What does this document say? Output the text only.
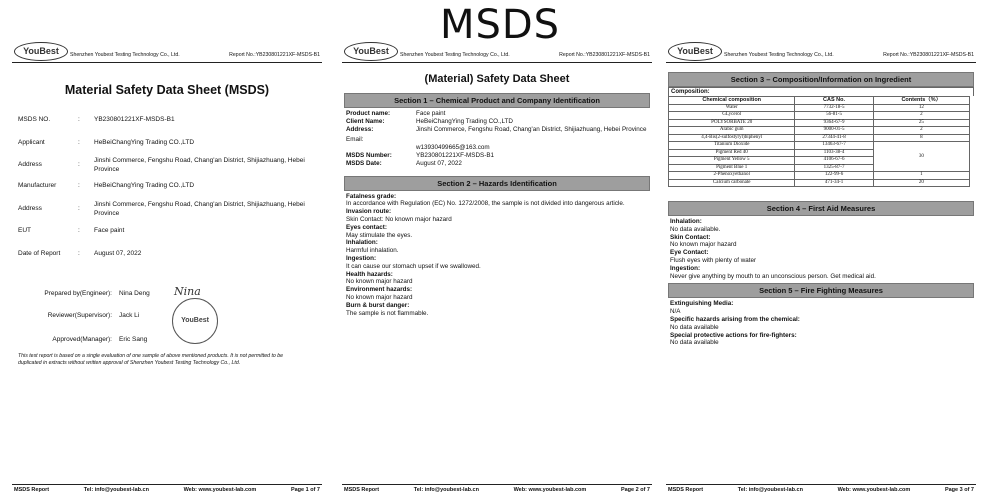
MSDS
YouBest	Shenzhen Youbest Testing Technology Co., Ltd.	Report No.:YB230801221XF-MSDS-B1
Material Safety Data Sheet (MSDS)
MSDS NO.	: YB230801221XF-MSDS-B1
Applicant	: HeBeiChangYing Trading CO.,LTD
Address	:
Jinshi Commerce, Fengshu Road, Chang'an District, Shijiazhuang, Hebei Province
Manufacturer	: HeBeiChangYing Trading CO.,LTD
Address	:
Jinshi Commerce, Fengshu Road, Chang'an District, Shijiazhuang, Hebei Province
EUT	: Face paint
Date of Report	: August 07, 2022
Prepared by(Engineer): Nina Deng
Reviewer(Supervisor): Jack Li
Approved(Manager): Eric Sang
Nina
YouBest
This test report is based on a single evaluation of one sample of above mentioned products. It is not permitted to be duplicated in extracts without written approval of Shenzhen Youbest Testing Technology Co., Ltd.
MSDS Report	Tel: info@youbest-lab.cn	Web: www.youbest-lab.com	Page 1 of 7
YouBest	Shenzhen Youbest Testing Technology Co., Ltd.	Report No.:YB230801221XF-MSDS-B1
(Material) Safety Data Sheet
Section 1 – Chemical Product and Company Identification
Product name:	Face paint
Client Name:	HeBeiChangYing Trading CO.,LTD
Address:	Jinshi Commerce, Fengshu Road, Chang'an District, Shijiazhuang, Hebei Province
Email:
w13930499665@163.com
MSDS Number:	YB230801221XF-MSDS-B1
MSDS Date:	August 07, 2022
Section 2 – Hazards Identification
Fatalness grade:
In accordance with Regulation (EC) No. 1272/2008, the sample is not divided into dangerous article.
Invasion route:
Skin Contact: No known major hazard
Eyes contact:
May stimulate the eyes.
Inhalation:
Harmful inhalation.
Ingestion:
It can cause our stomach upset if we swallowed.
Health hazards:
No known major hazard
Environment hazards:
No known major hazard
Burn & burst danger:
The sample is not flammable.
MSDS Report	Tel: info@youbest-lab.cn	Web: www.youbest-lab.com	Page 2 of 7
YouBest	Shenzhen Youbest Testing Technology Co., Ltd.	Report No.:YB230801221XF-MSDS-B1
Section 3 – Composition/Information on Ingredient
Composition:
Chemical composition	CAS No.	Contents（%）
Water	7732-18-5	12
GLycerol	56-81-5	2
POLYSORBATE 20	9364-67-9	25
Arabic gum	9000-01-5	2
4,4-Bis(2-sulfostyryl)biphenyl	27344-41-8	8
Titanium Dioxide	13463-67-7	30
Pigment Red 40	1103-38-4	
Pigment Yellow 5	4106-67-6	
Pigment Blue 1	1325-87-7	
2-Phenoxyethanol	122-99-6	1
Calcium carbonate	471-34-1	20
Section 4 – First Aid Measures
Inhalation:
No data available.
Skin Contact:
No known major hazard
Eye Contact:
Flush eyes with plenty of water
Ingestion:
Never give anything by mouth to an unconscious person. Get medical aid.
Section 5 – Fire Fighting Measures
Extinguishing Media:
N/A
Specific hazards arising from the chemical:
No data available
Special protective actions for fire-fighters:
No data available
MSDS Report	Tel: info@youbest-lab.cn	Web: www.youbest-lab.com	Page 3 of 7
